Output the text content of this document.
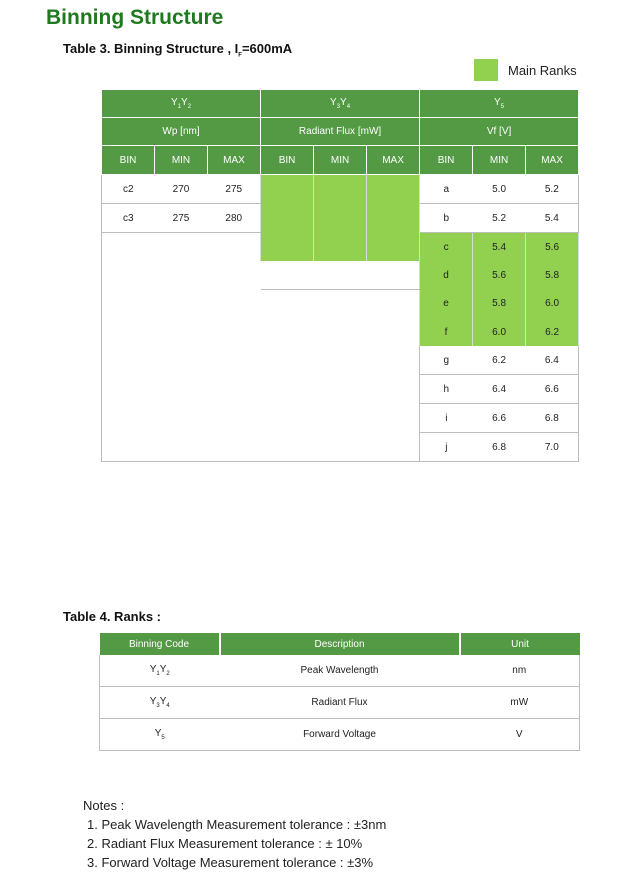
Binning Structure
Table 3. Binning Structure , $I_F=600mA$
Main Ranks
$Y_1Y_2$			$Y_3Y_4$			$Y_5$
Wp [nm]			Radiant Flux [mW]			Vf [V]		
BIN	MIN	MAX	BIN	MIN	MAX	BIN	MIN	MAX
c2	270	275				a	5.0	5.2
c3	275	280				b	5.2	5.4
						c	5.4	5.6
						d	5.6	5.8
						e	5.8	6.0
						f	6.0	6.2
						g	6.2	6.4
						h	6.4	6.6
						i	6.6	6.8
						j	6.8	7.0
Table 4. Ranks :
Binning Code	Description	Unit
$Y_1Y_2$	Peak Wavelength	nm
$Y_3Y_4$	Radiant Flux	mW
$Y_5$	Forward Voltage	V
Notes :
1. Peak Wavelength Measurement tolerance : ±3nm
2. Radiant Flux Measurement tolerance : ± 10%
3. Forward Voltage Measurement tolerance : ±3%
